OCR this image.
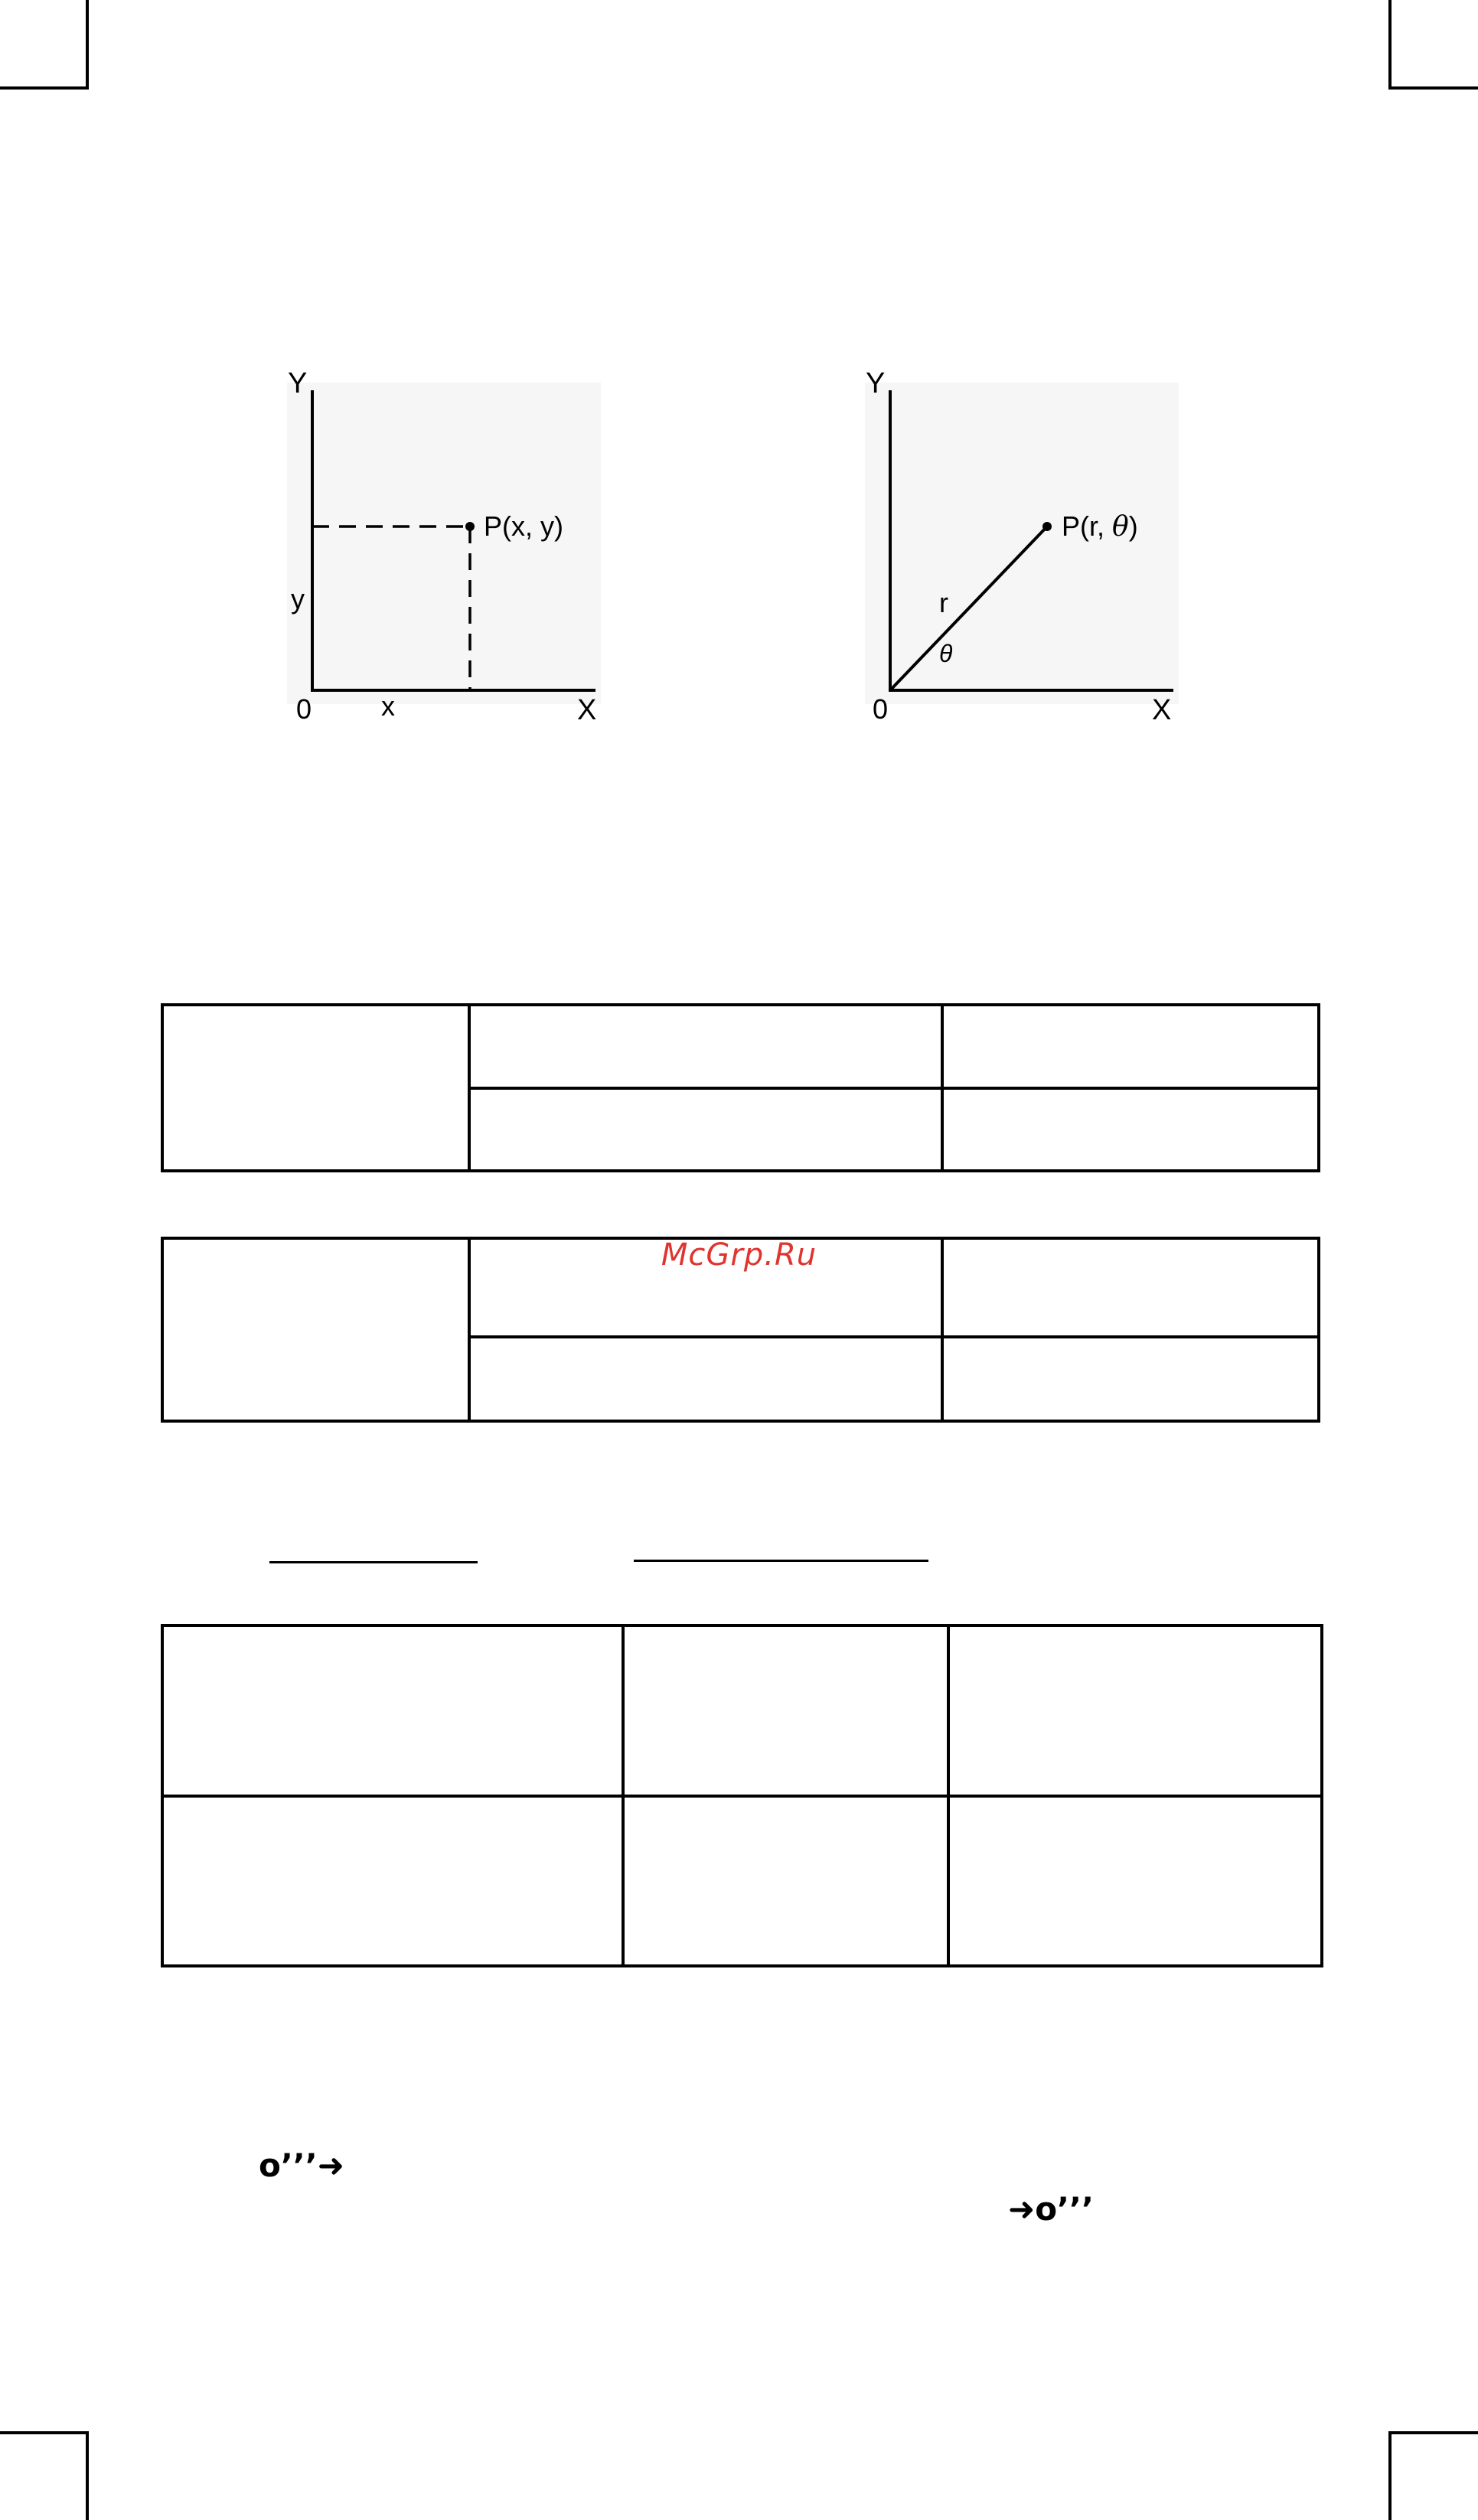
Y
X
0
P(x, y)
x
y
Y
X
0
P(r, θ)
r
θ

McGrp.Ru

o’’’➜
➜o’’’
